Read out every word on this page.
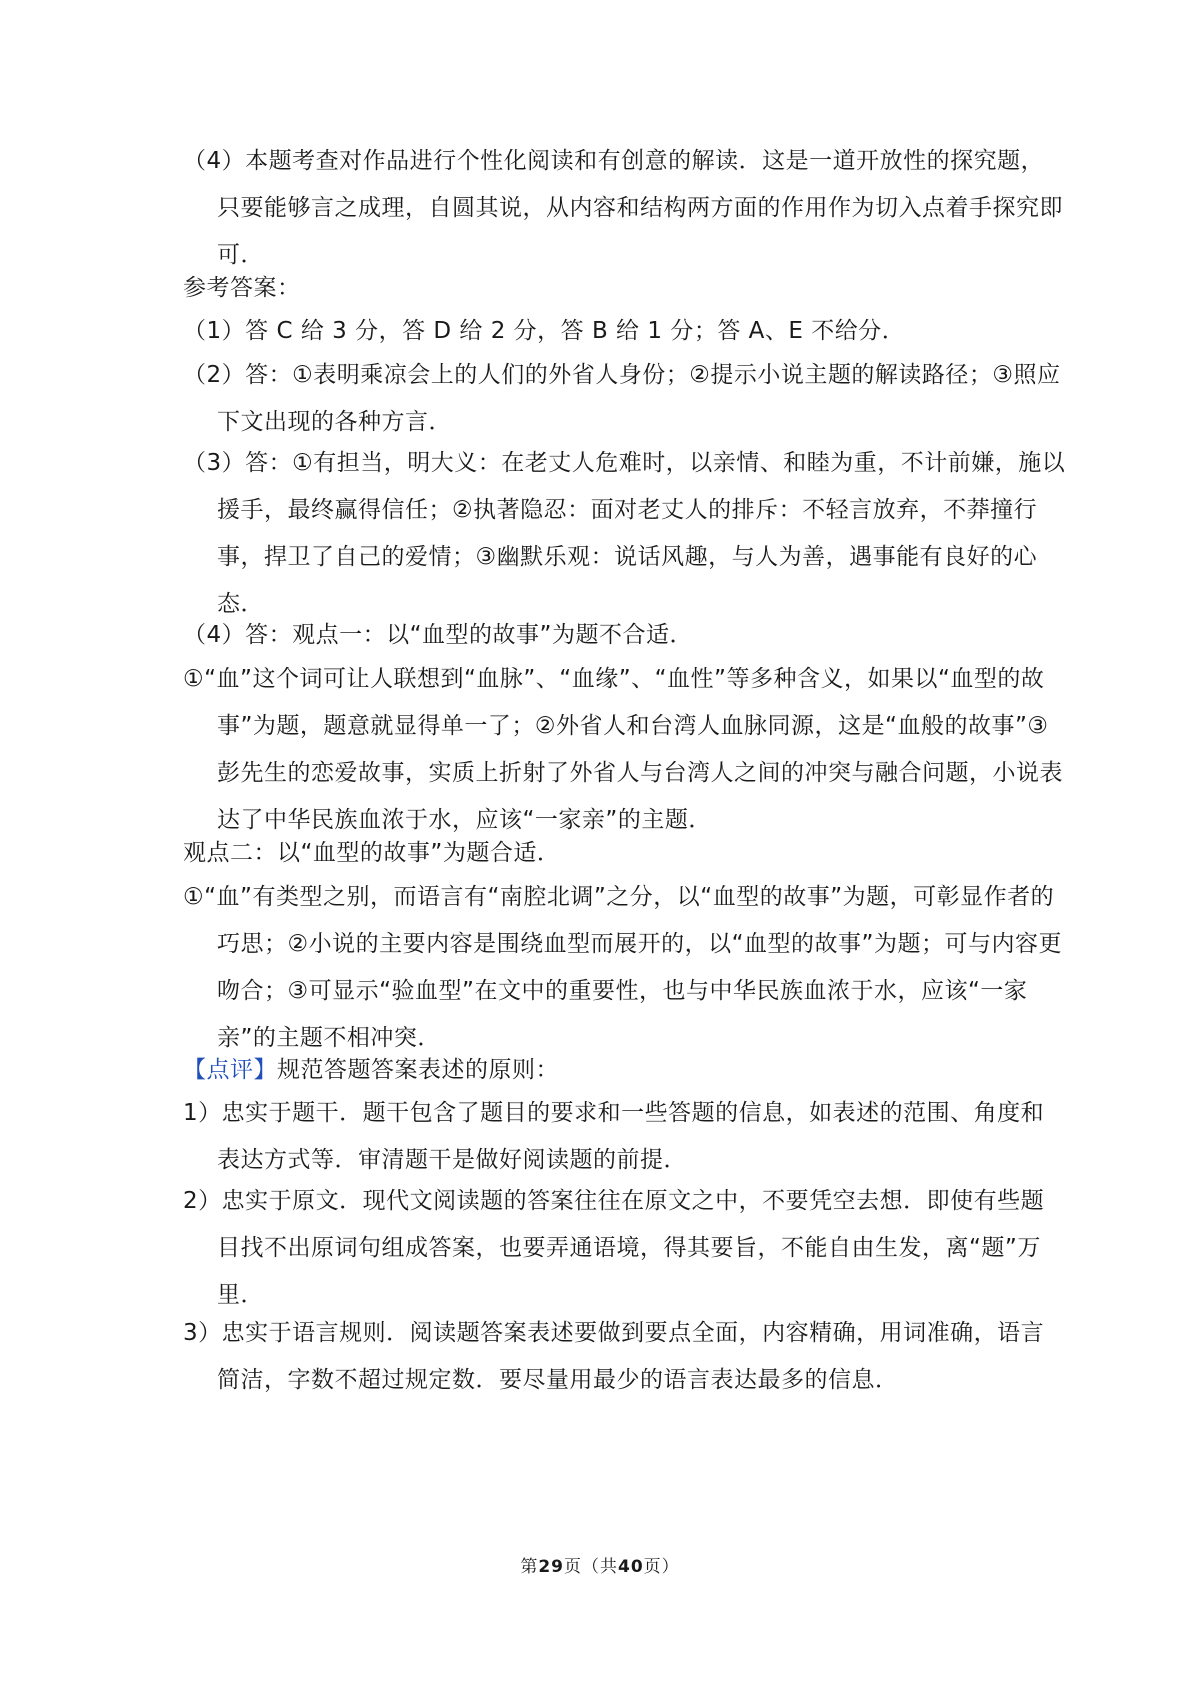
（4）本题考查对作品进行个性化阅读和有创意的解读．这是一道开放性的探究题，只要能够言之成理，自圆其说，从内容和结构两方面的作用作为切入点着手探究即可．

参考答案：

（1）答 C 给 3 分，答 D 给 2 分，答 B 给 1 分；答 A、E 不给分．

（2）答：①表明乘凉会上的人们的外省人身份；②提示小说主题的解读路径；③照应下文出现的各种方言．

（3）答：①有担当，明大义：在老丈人危难时，以亲情、和睦为重，不计前嫌，施以援手，最终赢得信任；②执著隐忍：面对老丈人的排斥：不轻言放弃，不莽撞行事，捍卫了自己的爱情；③幽默乐观：说话风趣，与人为善，遇事能有良好的心态．

（4）答：观点一：以“血型的故事”为题不合适．

①“血”这个词可让人联想到“血脉”、“血缘”、“血性”等多种含义，如果以“血型的故事”为题，题意就显得单一了；②外省人和台湾人血脉同源，这是“血般的故事”③彭先生的恋爱故事，实质上折射了外省人与台湾人之间的冲突与融合问题，小说表达了中华民族血浓于水，应该“一家亲”的主题．

观点二：以“血型的故事”为题合适．

①“血”有类型之别，而语言有“南腔北调”之分，以“血型的故事”为题，可彰显作者的巧思；②小说的主要内容是围绕血型而展开的，以“血型的故事”为题；可与内容更吻合；③可显示“验血型”在文中的重要性，也与中华民族血浓于水，应该“一家亲”的主题不相冲突．

【点评】规范答题答案表述的原则：

1）忠实于题干．题干包含了题目的要求和一些答题的信息，如表述的范围、角度和表达方式等．审清题干是做好阅读题的前提．

2）忠实于原文．现代文阅读题的答案往往在原文之中，不要凭空去想．即使有些题目找不出原词句组成答案，也要弄通语境，得其要旨，不能自由生发，离“题”万里．

3）忠实于语言规则．阅读题答案表述要做到要点全面，内容精确，用词准确，语言简洁，字数不超过规定数．要尽量用最少的语言表达最多的信息．

第29页（共40页）
